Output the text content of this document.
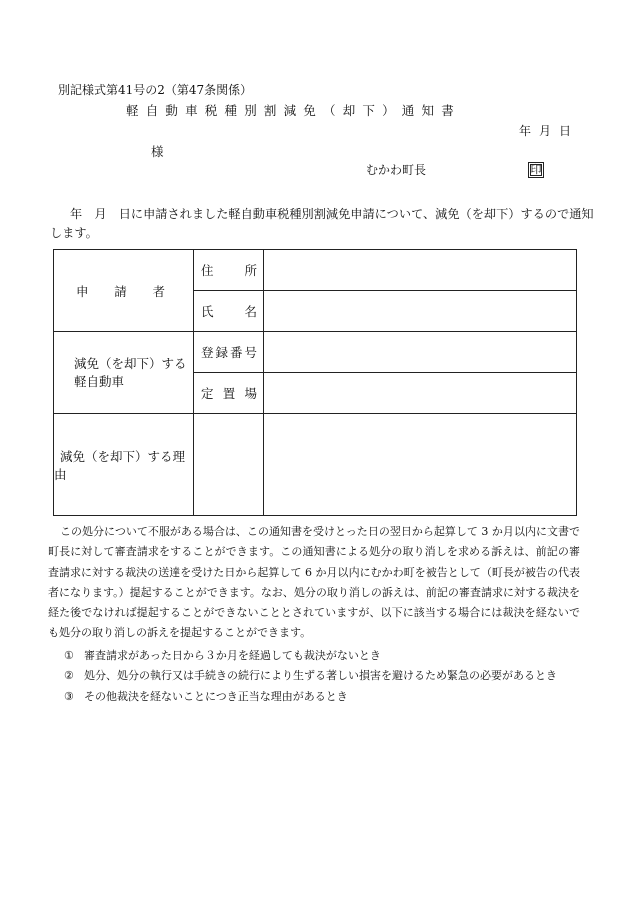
別記様式第41号の2（第47条関係）
軽自動車税種別割減免（却下）通知書
年月日
様
むかわ町長	印
年　月　日に申請されました軽自動車税種別割減免申請について、減免（を却下）するので通知
します。
申請者	住所	

	氏名	

減免（を却下）する
軽自動車	登録番号	

	定置場	

減免（を却下）する理由		
この処分について不服がある場合は、この通知書を受けとった日の翌日から起算して 3 か月以内に文書で町長に対して審査請求をすることができます。この通知書による処分の取り消しを求める訴えは、前記の審査請求に対する裁決の送達を受けた日から起算して 6 か月以内にむかわ町を被告として（町長が被告の代表者になります。）提起することができます。なお、処分の取り消しの訴えは、前記の審査請求に対する裁決を経た後でなければ提起することができないこととされていますが、以下に該当する場合には裁決を経ないでも処分の取り消しの訴えを提起することができます。
① 審査請求があった日から３か月を経過しても裁決がないとき
② 処分、処分の執行又は手続きの続行により生ずる著しい損害を避けるため緊急の必要があるとき
③ その他裁決を経ないことにつき正当な理由があるとき
